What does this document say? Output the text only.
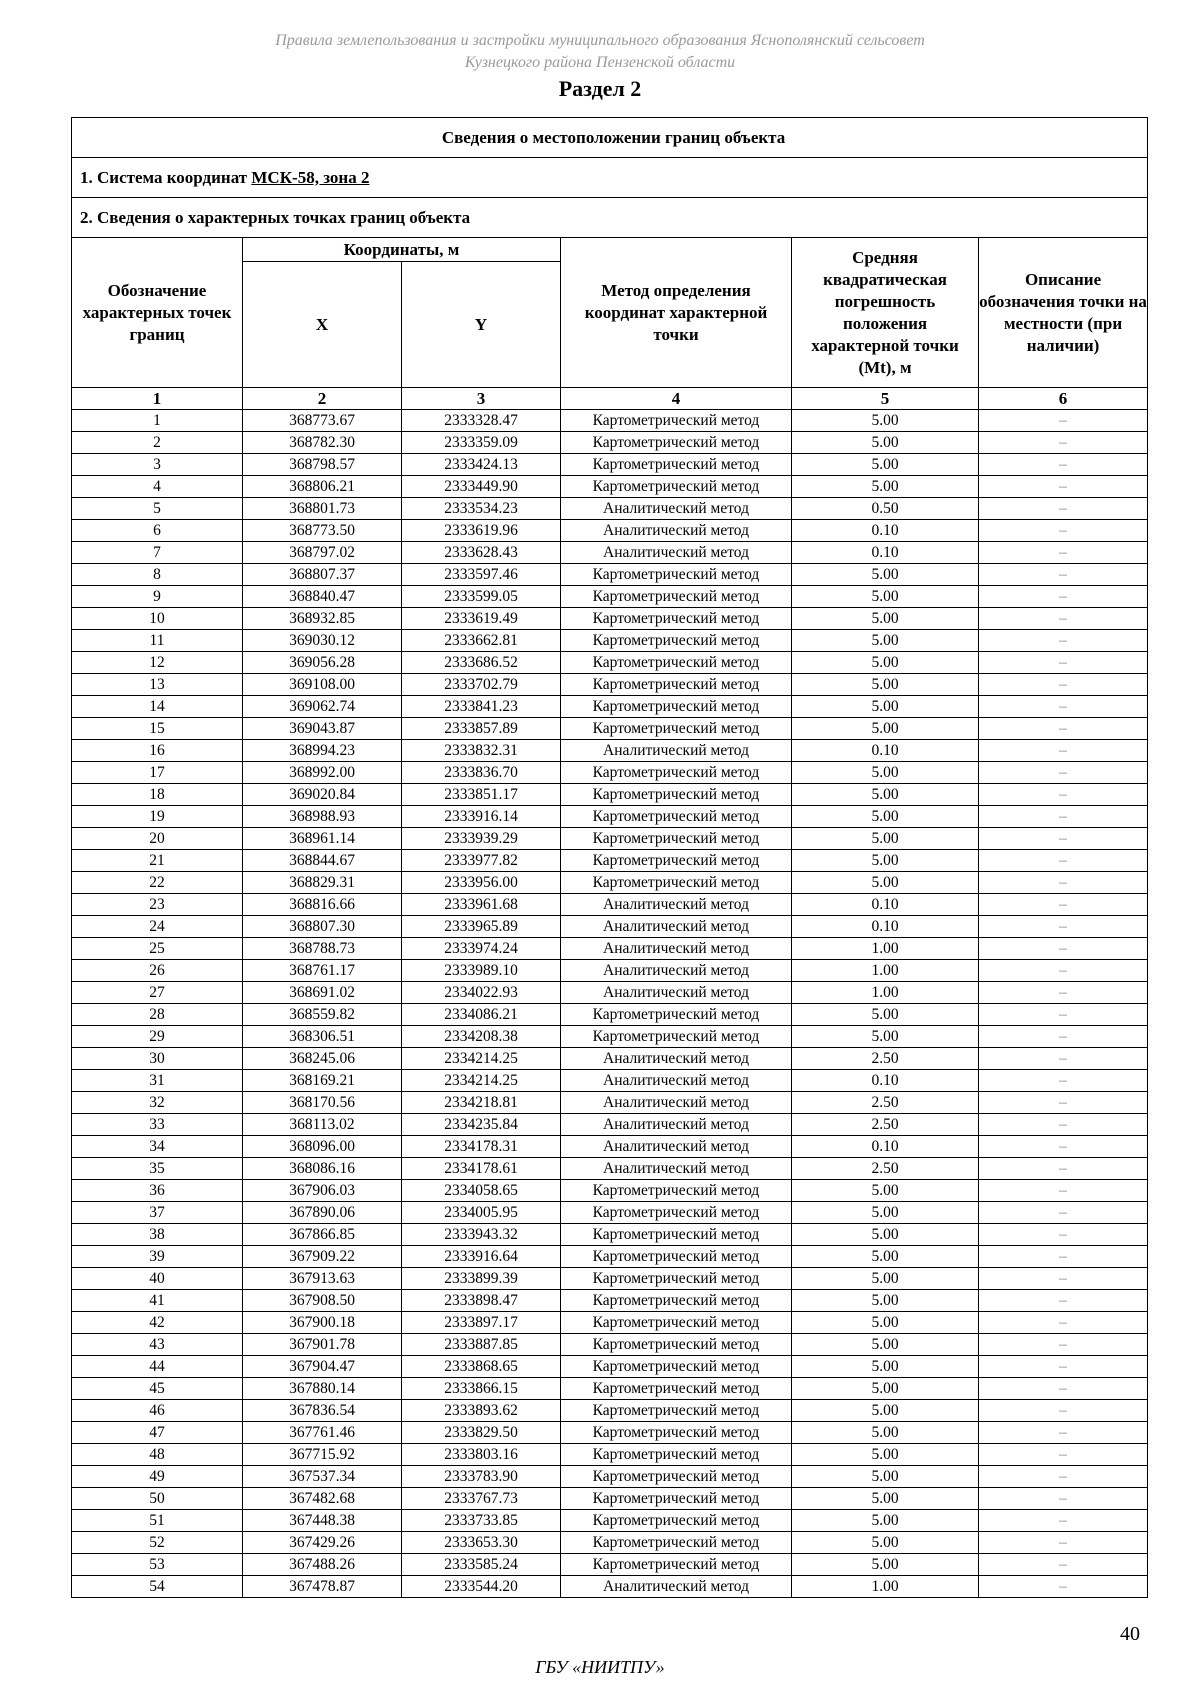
Правила землепользования и застройки муниципального образования Яснополянский сельсовет
Кузнецкого района Пензенской области
Раздел 2
Сведения о местоположении границ объекта					
1. Система координат МСК-58, зона 2					
2. Сведения о характерных точках границ объекта					
Обозначение характерных точек границ	Координаты, м		Метод определения координат характерной точки	Средняя квадратическая погрешность положения характерной точки (Mt), м	Описание обозначения точки на местности (при наличии)
	X	Y			
1	2	3	4	5	6
1	368773.67	2333328.47	Картометрический метод	5.00	–
2	368782.30	2333359.09	Картометрический метод	5.00	–
3	368798.57	2333424.13	Картометрический метод	5.00	–
4	368806.21	2333449.90	Картометрический метод	5.00	–
5	368801.73	2333534.23	Аналитический метод	0.50	–
6	368773.50	2333619.96	Аналитический метод	0.10	–
7	368797.02	2333628.43	Аналитический метод	0.10	–
8	368807.37	2333597.46	Картометрический метод	5.00	–
9	368840.47	2333599.05	Картометрический метод	5.00	–
10	368932.85	2333619.49	Картометрический метод	5.00	–
11	369030.12	2333662.81	Картометрический метод	5.00	–
12	369056.28	2333686.52	Картометрический метод	5.00	–
13	369108.00	2333702.79	Картометрический метод	5.00	–
14	369062.74	2333841.23	Картометрический метод	5.00	–
15	369043.87	2333857.89	Картометрический метод	5.00	–
16	368994.23	2333832.31	Аналитический метод	0.10	–
17	368992.00	2333836.70	Картометрический метод	5.00	–
18	369020.84	2333851.17	Картометрический метод	5.00	–
19	368988.93	2333916.14	Картометрический метод	5.00	–
20	368961.14	2333939.29	Картометрический метод	5.00	–
21	368844.67	2333977.82	Картометрический метод	5.00	–
22	368829.31	2333956.00	Картометрический метод	5.00	–
23	368816.66	2333961.68	Аналитический метод	0.10	–
24	368807.30	2333965.89	Аналитический метод	0.10	–
25	368788.73	2333974.24	Аналитический метод	1.00	–
26	368761.17	2333989.10	Аналитический метод	1.00	–
27	368691.02	2334022.93	Аналитический метод	1.00	–
28	368559.82	2334086.21	Картометрический метод	5.00	–
29	368306.51	2334208.38	Картометрический метод	5.00	–
30	368245.06	2334214.25	Аналитический метод	2.50	–
31	368169.21	2334214.25	Аналитический метод	0.10	–
32	368170.56	2334218.81	Аналитический метод	2.50	–
33	368113.02	2334235.84	Аналитический метод	2.50	–
34	368096.00	2334178.31	Аналитический метод	0.10	–
35	368086.16	2334178.61	Аналитический метод	2.50	–
36	367906.03	2334058.65	Картометрический метод	5.00	–
37	367890.06	2334005.95	Картометрический метод	5.00	–
38	367866.85	2333943.32	Картометрический метод	5.00	–
39	367909.22	2333916.64	Картометрический метод	5.00	–
40	367913.63	2333899.39	Картометрический метод	5.00	–
41	367908.50	2333898.47	Картометрический метод	5.00	–
42	367900.18	2333897.17	Картометрический метод	5.00	–
43	367901.78	2333887.85	Картометрический метод	5.00	–
44	367904.47	2333868.65	Картометрический метод	5.00	–
45	367880.14	2333866.15	Картометрический метод	5.00	–
46	367836.54	2333893.62	Картометрический метод	5.00	–
47	367761.46	2333829.50	Картометрический метод	5.00	–
48	367715.92	2333803.16	Картометрический метод	5.00	–
49	367537.34	2333783.90	Картометрический метод	5.00	–
50	367482.68	2333767.73	Картометрический метод	5.00	–
51	367448.38	2333733.85	Картометрический метод	5.00	–
52	367429.26	2333653.30	Картометрический метод	5.00	–
53	367488.26	2333585.24	Картометрический метод	5.00	–
54	367478.87	2333544.20	Аналитический метод	1.00	–
40
ГБУ «НИИТПУ»
